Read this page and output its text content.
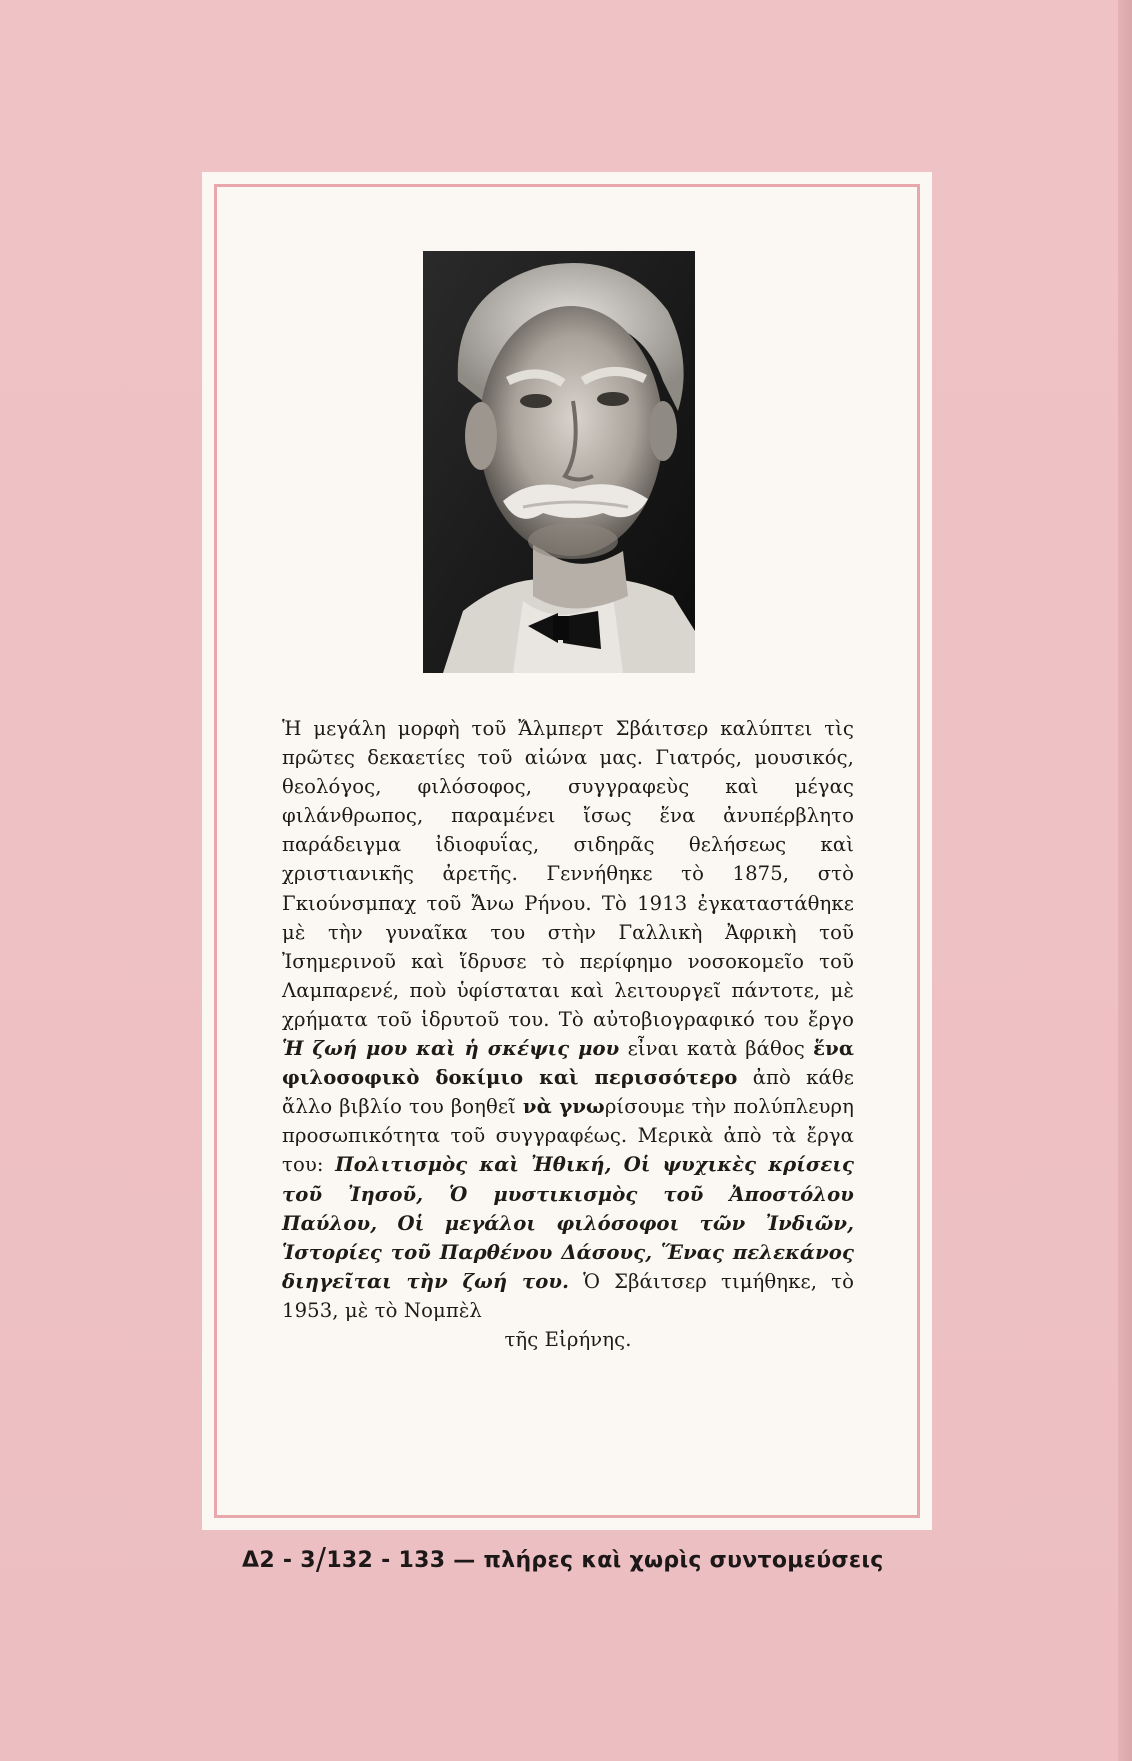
Ἡ μεγάλη μορφὴ τοῦ Ἄλμπερτ Σβάιτσερ καλύπτει τὶς πρῶτες δεκαετίες τοῦ αἰώνα μας. Γιατρός, μουσικός, θεολόγος, φιλόσοφος, συγγραφεὺς καὶ μέγας φιλάνθρωπος, παραμένει ἴσως ἕνα ἀνυπέρβλητο παράδειγμα ἰδιοφυΐας, σιδηρᾶς θελήσεως καὶ χριστιανικῆς ἀρετῆς. Γεννήθηκε τὸ 1875, στὸ Γκιούνσμπαχ τοῦ Ἄνω Ρήνου. Τὸ 1913 ἐγκαταστάθηκε μὲ τὴν γυναῖκα του στὴν Γαλλικὴ Ἀφρικὴ τοῦ Ἰσημερινοῦ καὶ ἵδρυσε τὸ περίφημο νοσοκομεῖο τοῦ Λαμπαρενέ, ποὺ ὑφίσταται καὶ λειτουργεῖ πάντοτε, μὲ χρήματα τοῦ ἱδρυτοῦ του. Τὸ αὐτοβιογραφικό του ἔργο Ἡ ζωή μου καὶ ἡ σκέψις μου εἶναι κατὰ βάθος ἕνα φιλοσοφικὸ δοκίμιο καὶ περισσότερο ἀπὸ κάθε ἄλλο βιβλίο του βοηθεῖ νὰ γνωρίσουμε τὴν πολύπλευρη προσωπικότητα τοῦ συγγραφέως. Μερικὰ ἀπὸ τὰ ἔργα του: Πολιτισμὸς καὶ Ἠθική, Οἱ ψυχικὲς κρίσεις τοῦ Ἰησοῦ, Ὁ μυστικισμὸς τοῦ Ἀποστόλου Παύλου, Οἱ μεγάλοι φιλόσοφοι τῶν Ἰνδιῶν, Ἱστορίες τοῦ Παρθένου Δάσους, Ἕνας πελεκάνος διηγεῖται τὴν ζωή του. Ὁ Σβάιτσερ τιμήθηκε, τὸ 1953, μὲ τὸ Νομπὲλ
τῆς Εἰρήνης.
Δ2 - 3/132 - 133 — πλήρες καὶ χωρὶς συντομεύσεις
